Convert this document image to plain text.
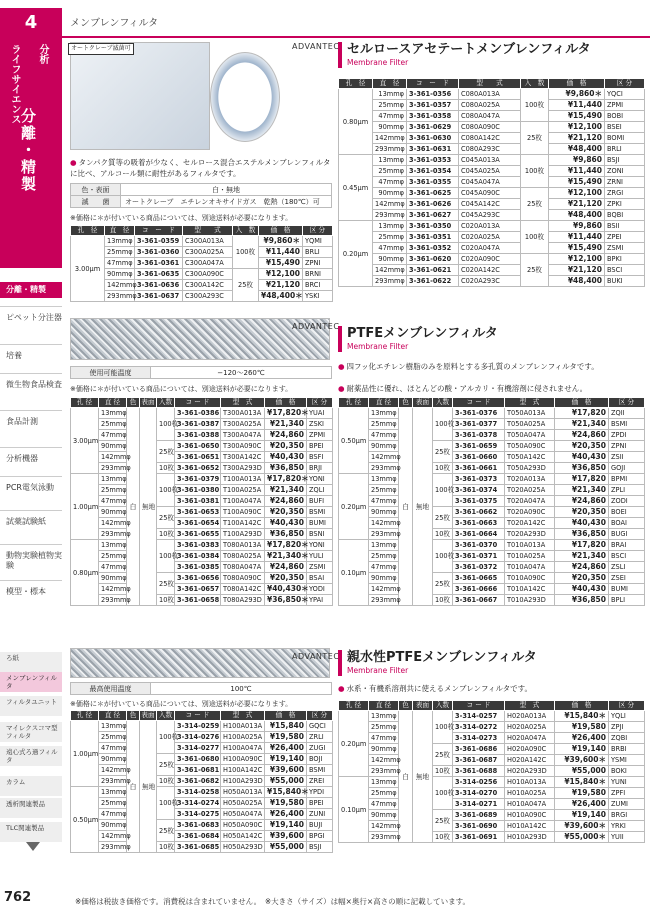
4	メンブレンフィルタ
ライフサイエンス 分析
分離・精製
分離・精製
ピペット分注器
培養
微生物食品検査
食品計測
分析機器
PCR電気泳動
試薬試験紙
動物実験植物実験
模型・標本
ろ紙
メンブレンフィルタ
フィルタユニット
マイレクスコマ型フィルタ
遠心式ろ過フィルタ
カラム
透析関連製品
TLC関連製品
762	※価格は税抜き価格です。消費税は含まれていません。　※大きさ（サイズ）は幅×奥行×高さの順に記載しています。
オートクレーブ滅菌可	ADVANTEC セルロースアセテートメンブレンフィルタ
Membrane Filter
● タンパク質等の吸着が少なく、セルロース混合エステルメンブレンフィルタに比べ、アルコール類に耐性があるフィルタです。
色・表面	白・無地
滅　　菌	オートクレーブ　エチレンオキサイドガス　乾熱（180℃）可
※価格に＊が付いている商品については、別途送料が必要になります。
孔　径	直　径	コ　ー　ド	型　　式	入　数	価　格	区 分
3.00μm	13mmφ	3-361-0359	C300A013A	100枚	¥9,860＊	YQMI
	25mmφ	3-361-0360	C300A025A		¥11,440	BRLI
	47mmφ	3-361-0361	C300A047A		¥15,490	ZPNI
	90mmφ	3-361-0635	C300A090C	25枚	¥12,100	BRNI
	142mmφ	3-361-0636	C300A142C		¥21,120	BRCI
	293mmφ	3-361-0637	C300A293C		¥48,400＊	YSKI
孔　径	直　径	コ　ー　ド	型　　式	入　数	価　格	区 分
0.80μm	13mmφ	3-361-0356	C080A013A	100枚	¥9,860＊	YQCI
	25mmφ	3-361-0357	C080A025A		¥11,440	ZPMI
	47mmφ	3-361-0358	C080A047A		¥15,490	BOBI
	90mmφ	3-361-0629	C080A090C	25枚	¥12,100	BSEI
	142mmφ	3-361-0630	C080A142C		¥21,120	BOMI
	293mmφ	3-361-0631	C080A293C		¥48,400	BRLI
0.45μm	13mmφ	3-361-0353	C045A013A	100枚	¥9,860	BSJI
	25mmφ	3-361-0354	C045A025A		¥11,440	ZONI
	47mmφ	3-361-0355	C045A047A		¥15,490	ZRNI
	90mmφ	3-361-0625	C045A090C	25枚	¥12,100	ZRGI
	142mmφ	3-361-0626	C045A142C		¥21,120	ZPKI
	293mmφ	3-361-0627	C045A293C		¥48,400	BQBI
0.20μm	13mmφ	3-361-0350	C020A013A	100枚	¥9,860	BSII
	25mmφ	3-361-0351	C020A025A		¥11,440	ZPEI
	47mmφ	3-361-0352	C020A047A		¥15,490	ZSMI
	90mmφ	3-361-0620	C020A090C	25枚	¥12,100	BPKI
	142mmφ	3-361-0621	C020A142C		¥21,120	BSCI
	293mmφ	3-361-0622	C020A293C		¥48,400	BUKI
ADVANTEC PTFEメンブレンフィルタ
Membrane Filter
● 四フッ化エチレン樹脂のみを原料とする多孔質のメンブレンフィルタです。
● 耐薬品性に優れ、ほとんどの酸・アルカリ・有機溶剤に侵されません。
使用可能温度	−120〜260℃
※価格に＊が付いている商品については、別途送料が必要になります。
孔 径	直 径	色	表面	入数	コ ー ド	型　式	価　格	区 分
3.00μm	13mmφ	白	無地	100枚	3-361-0386	T300A013A	¥17,820＊	YUAI
	25mmφ				3-361-0387	T300A025A	¥21,340	ZSKI
	47mmφ				3-361-0388	T300A047A	¥24,860	ZPMI
	90mmφ			25枚	3-361-0650	T300A090C	¥20,350	BPEI
	142mmφ				3-361-0651	T300A142C	¥40,430	BSFI
	293mmφ			10枚	3-361-0652	T300A293D	¥36,850	BRJI
1.00μm	13mmφ			100枚	3-361-0379	T100A013A	¥17,820＊	YONI
	25mmφ				3-361-0380	T100A025A	¥21,340	ZQLI
	47mmφ				3-361-0381	T100A047A	¥24,860	BUFI
	90mmφ			25枚	3-361-0653	T100A090C	¥20,350	BSMI
	142mmφ				3-361-0654	T100A142C	¥40,430	BUMI
	293mmφ			10枚	3-361-0655	T100A293D	¥36,850	BSNI
0.80μm	13mmφ			100枚	3-361-0383	T080A013A	¥17,820＊	YONI
	25mmφ				3-361-0384	T080A025A	¥21,340＊	YULI
	47mmφ				3-361-0385	T080A047A	¥24,860	ZSMI
	90mmφ			25枚	3-361-0656	T080A090C	¥20,350	BSAI
	142mmφ				3-361-0657	T080A142C	¥40,430＊	YODI
	293mmφ			10枚	3-361-0658	T080A293D	¥36,850＊	YPAI
孔 径	直 径	色	表面	入数	コ ー ド	型　式	価　格	区 分
0.50μm	13mmφ	白	無地	100枚	3-361-0376	T050A013A	¥17,820	ZQII
	25mmφ				3-361-0377	T050A025A	¥21,340	BSMI
	47mmφ				3-361-0378	T050A047A	¥24,860	ZPDI
	90mmφ			25枚	3-361-0659	T050A090C	¥20,350	ZPNI
	142mmφ				3-361-0660	T050A142C	¥40,430	ZSII
	293mmφ			10枚	3-361-0661	T050A293D	¥36,850	GOJI
0.20μm	13mmφ			100枚	3-361-0373	T020A013A	¥17,820	BPMI
	25mmφ				3-361-0374	T020A025A	¥21,340	ZPLI
	47mmφ				3-361-0375	T020A047A	¥24,860	ZODI
	90mmφ			25枚	3-361-0662	T020A090C	¥20,350	BOEI
	142mmφ				3-361-0663	T020A142C	¥40,430	BOAI
	293mmφ			10枚	3-361-0664	T020A293D	¥36,850	BUGI
0.10μm	13mmφ			100枚	3-361-0370	T010A013A	¥17,820	BRAI
	25mmφ				3-361-0371	T010A025A	¥21,340	BSCI
	47mmφ				3-361-0372	T010A047A	¥24,860	ZSLI
	90mmφ			25枚	3-361-0665	T010A090C	¥20,350	ZSEI
	142mmφ				3-361-0666	T010A142C	¥40,430	BUMI
	293mmφ			10枚	3-361-0667	T010A293D	¥36,850	BPLI
ADVANTEC 親水性PTFEメンブレンフィルタ
Membrane Filter
● 水系・有機系溶剤共に使えるメンブレンフィルタです。
最高使用温度	100℃
※価格に＊が付いている商品については、別途送料が必要になります。
孔 径	直 径	色	表面	入数	コ ー ド	型　式	価　格	区 分
1.00μm	13mmφ	白	無地	100枚	3-314-0259	H100A013A	¥15,840	GQCI
	25mmφ				3-314-0276	H100A025A	¥19,580	ZRLI
	47mmφ				3-314-0277	H100A047A	¥26,400	ZUGI
	90mmφ			25枚	3-361-0680	H100A090C	¥19,140	BOJI
	142mmφ				3-361-0681	H100A142C	¥39,600	BSMI
	293mmφ			10枚	3-361-0682	H100A293D	¥55,000	ZREI
0.50μm	13mmφ			100枚	3-314-0258	H050A013A	¥15,840＊	YPDI
	25mmφ				3-314-0274	H050A025A	¥19,580	BPEI
	47mmφ				3-314-0275	H050A047A	¥26,400	ZUNI
	90mmφ			25枚	3-361-0683	H050A090C	¥19,140	BUJI
	142mmφ				3-361-0684	H050A142C	¥39,600	BPGI
	293mmφ			10枚	3-361-0685	H050A293D	¥55,000	BSJI
孔 径	直 径	色	表面	入数	コ ー ド	型　式	価　格	区 分
0.20μm	13mmφ	白	無地	100枚	3-314-0257	H020A013A	¥15,840＊	YQLI
	25mmφ				3-314-0272	H020A025A	¥19,580	ZPJI
	47mmφ				3-314-0273	H020A047A	¥26,400	ZQBI
	90mmφ			25枚	3-361-0686	H020A090C	¥19,140	BRBI
	142mmφ				3-361-0687	H020A142C	¥39,600＊	YSMI
	293mmφ			10枚	3-361-0688	H020A293D	¥55,000	BOKI
0.10μm	13mmφ			100枚	3-314-0256	H010A013A	¥15,840＊	YUNI
	25mmφ				3-314-0270	H010A025A	¥19,580	ZPFI
	47mmφ				3-314-0271	H010A047A	¥26,400	ZUMI
	90mmφ			25枚	3-361-0689	H010A090C	¥19,140	BRGI
	142mmφ				3-361-0690	H010A142C	¥39,600＊	YRKI
	293mmφ			10枚	3-361-0691	H010A293D	¥55,000＊	YUII
